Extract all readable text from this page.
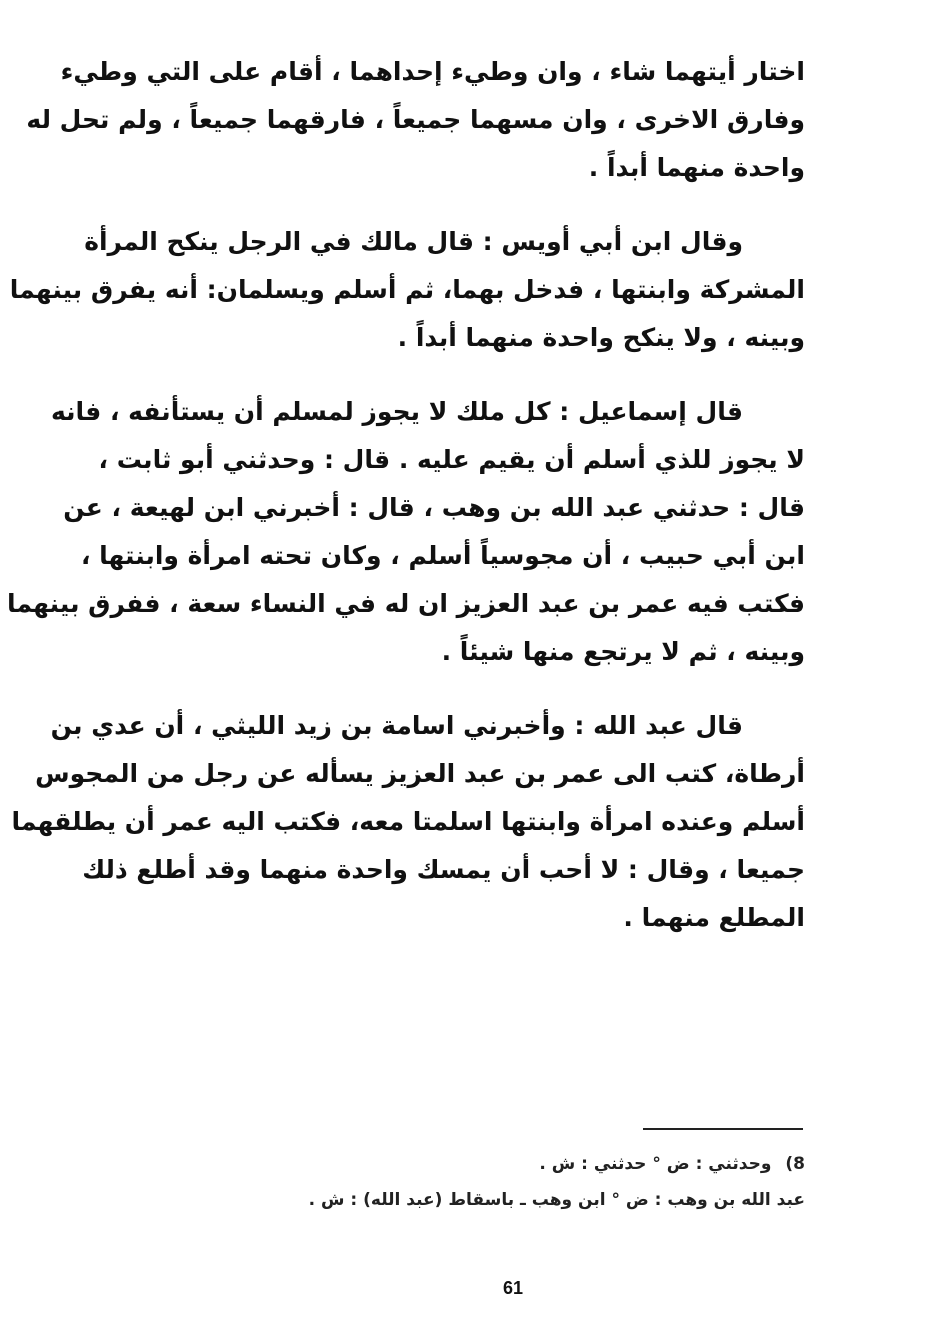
اختار أيتهما شاء ، وان وطيء إحداهما ، أقام على التي وطيء
وفارق الاخرى ، وان مسهما جميعاً ، فارقهما جميعاً ، ولم تحل له
واحدة منهما أبداً .
وقال ابن أبي أويس : قال مالك في الرجل ينكح المرأة
المشركة وابنتها ، فدخل بهما، ثم أسلم ويسلمان: أنه يفرق بينهما
وبينه ، ولا ينكح واحدة منهما أبداً .
قال إسماعيل : كل ملك لا يجوز لمسلم أن يستأنفه ، فانه
لا يجوز للذي أسلم أن يقيم عليه . قال : وحدثني أبو ثابت ،
قال : حدثني عبد الله بن وهب ، قال : أخبرني ابن لهيعة ، عن
ابن أبي حبيب ، أن مجوسياً أسلم ، وكان تحته امرأة وابنتها ،
فكتب فيه عمر بن عبد العزيز ان له في النساء سعة ، ففرق بينهما
وبينه ، ثم لا يرتجع منها شيئاً .
قال عبد الله : وأخبرني اسامة بن زيد الليثي ، أن عدي بن
أرطاة، كتب الى عمر بن عبد العزيز يسأله عن رجل من المجوس
أسلم وعنده امرأة وابنتها اسلمتا معه، فكتب اليه عمر أن يطلقهما
جميعا ، وقال : لا أحب أن يمسك واحدة منهما وقد أطلع ذلك
المطلع منهما .
8) وحدثني : ض ° حدثني : ش .
عبد الله بن وهب : ض ° ابن وهب ـ باسقاط (عبد الله) : ش .
61
